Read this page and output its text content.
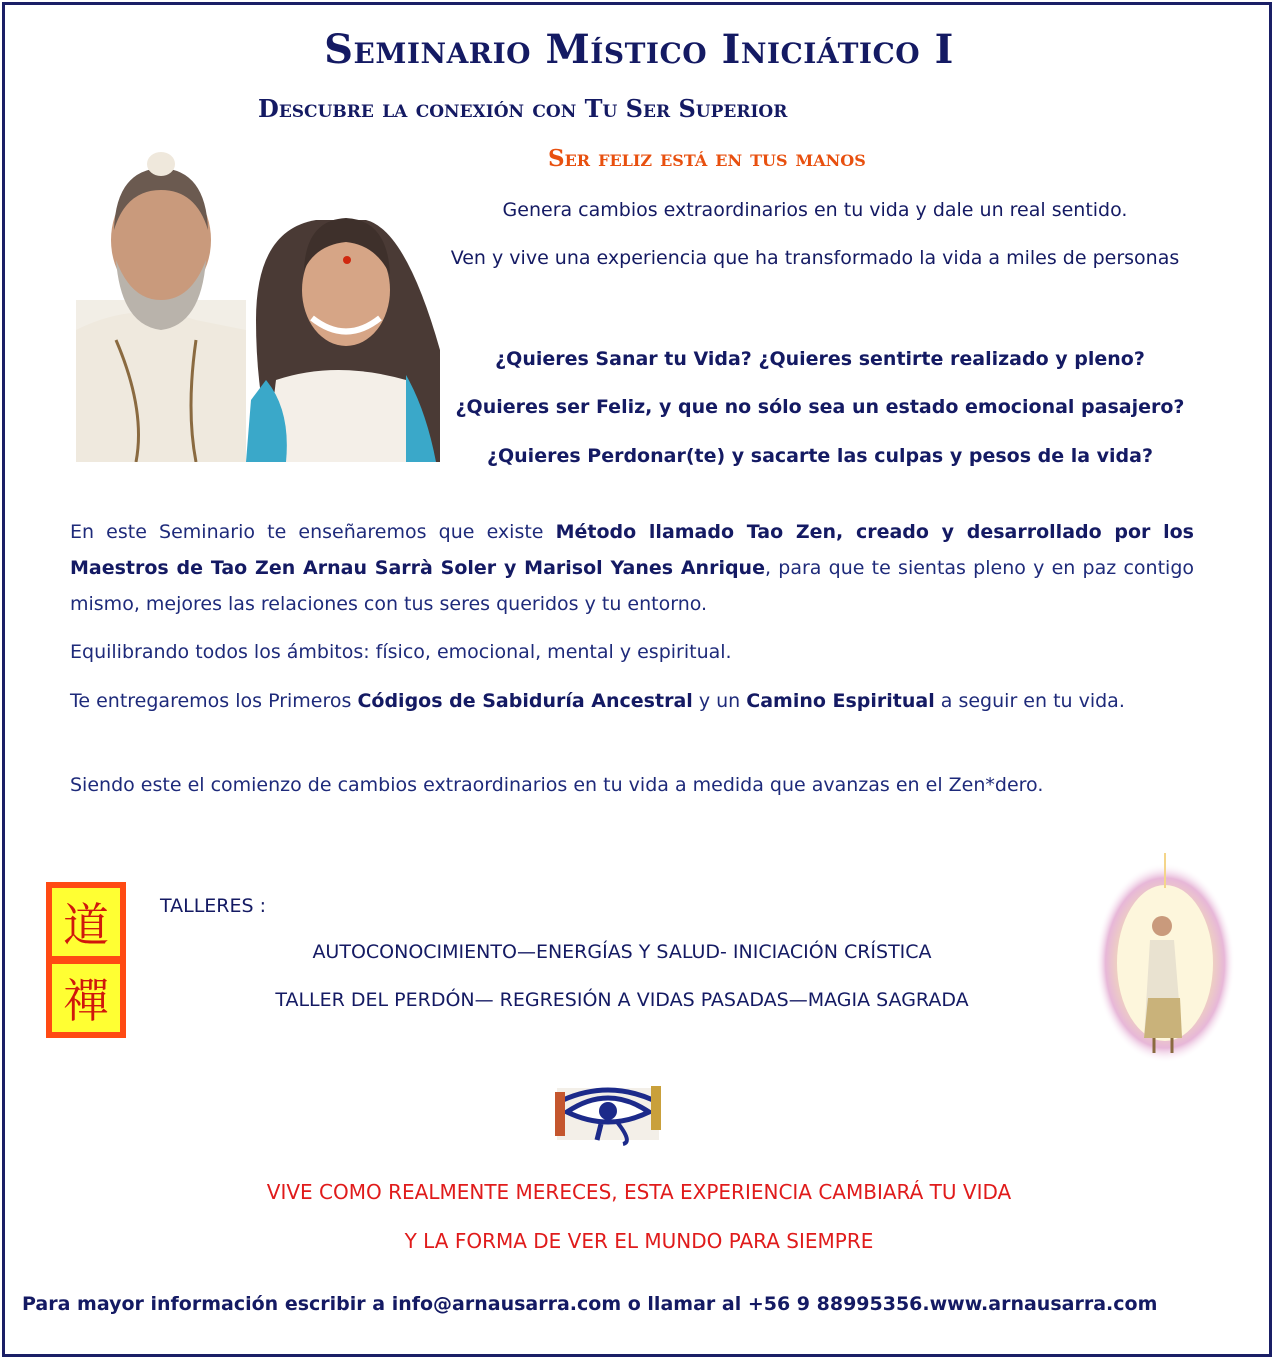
Seminario Místico Iniciático I
Descubre la conexión con Tu Ser Superior
Ser feliz está en tus manos
Genera cambios extraordinarios en tu vida y dale un real sentido.
Ven y vive una experiencia que ha transformado la vida a miles de personas
¿Quieres Sanar tu Vida? ¿Quieres sentirte realizado y pleno?
¿Quieres ser Feliz, y que no sólo sea un estado emocional pasajero?
¿Quieres Perdonar(te) y sacarte las culpas y pesos de la vida?
En este Seminario te enseñaremos que existe Método llamado Tao Zen, creado y desarrollado por los Maestros de Tao Zen Arnau Sarrà Soler y Marisol Yanes Anrique, para que te sientas pleno y en paz contigo mismo, mejores las relaciones con tus seres queridos y tu entorno.
Equilibrando todos los ámbitos: físico, emocional, mental y espiritual.
Te entregaremos los Primeros Códigos de Sabiduría Ancestral y un Camino Espiritual a seguir en tu vida.
Siendo este el comienzo de cambios extraordinarios en tu vida a medida que avanzas en el Zen*dero.
道
禪
TALLERES :
AUTOCONOCIMIENTO—ENERGÍAS Y SALUD- INICIACIÓN CRÍSTICA
TALLER DEL PERDÓN— REGRESIÓN A VIDAS PASADAS—MAGIA SAGRADA
VIVE COMO REALMENTE MERECES, ESTA EXPERIENCIA CAMBIARÁ TU VIDA
Y LA FORMA DE VER EL MUNDO PARA SIEMPRE
Para mayor información escribir a info@arnausarra.com o llamar al +56 9 88995356.www.arnausarra.com
